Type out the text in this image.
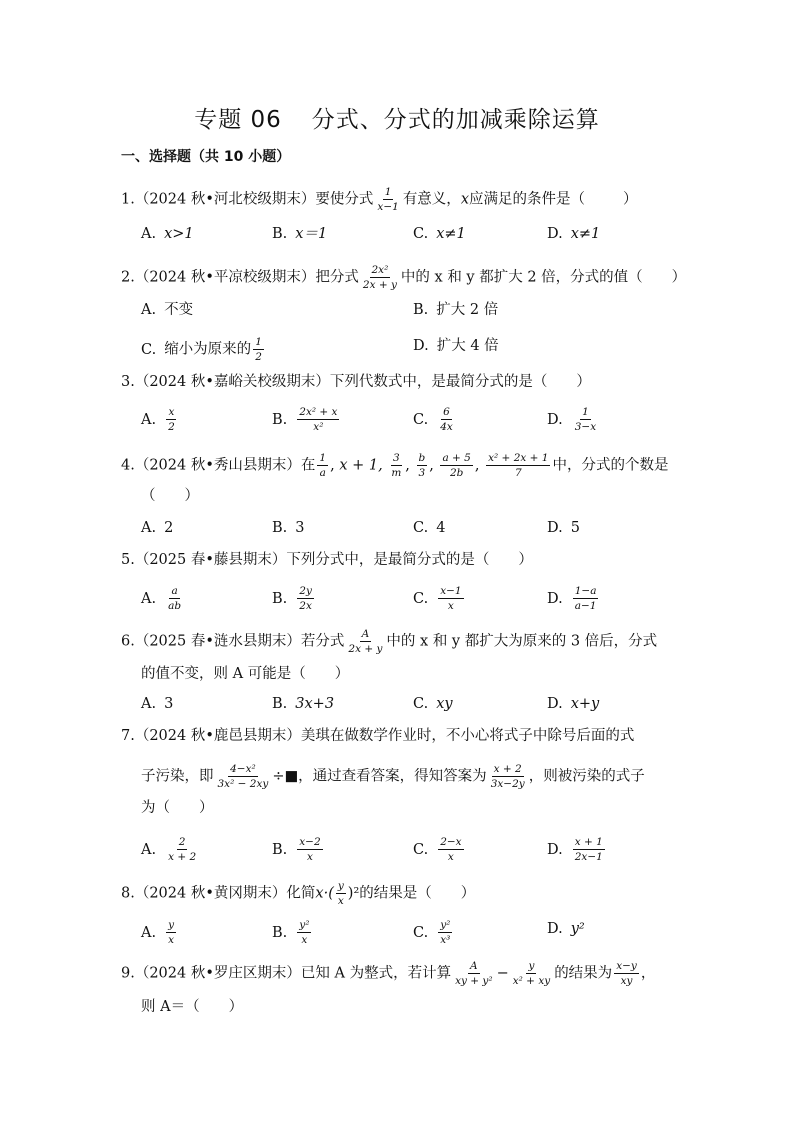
专题 06 分式、分式的加减乘除运算
一、选择题（共 10 小题）
1.（2024 秋•河北校级期末）要使分式 $\frac{1}{x-1}$ 有意义，x应满足的条件是（	）
A. x>1	B. x＝1	C. x≠1	D. x≠1
2.（2024 秋•平凉校级期末）把分式 $\frac{\text{2x²}}{2x + y}$ 中的 x 和 y 都扩大 2 倍，分式的值（　　）
A. 不变	B. 扩大 2 倍
C. 缩小为原来的 $\frac{1}{2}$	D. 扩大 4 倍
3.（2024 秋•嘉峪关校级期末）下列代数式中，是最简分式的是（　　）
A. $\frac{x}{2}$	B. $\frac{\text{2x² + x}}{\text{x²}}$	C. $\frac{6}{4x}$	D. $\frac{1}{3-x}$
4.（2024 秋•秀山县期末）在 $\frac{1}{a}$ , x + 1, $\frac{3}{m}$ , $\frac{b}{3}$ , $\frac{a + 5}{2b}$ , $\frac{\text{x² + 2x + 1}}{7}$ 中，分式的个数是
（　　）
A. 2	B. 3	C. 4	D. 5
5.（2025 春•藤县期末）下列分式中，是最简分式的是（　　）
A. $\frac{a}{ab}$	B. $\frac{2y}{2x}$	C. $\frac{x-1}{x}$	D. $\frac{1-a}{a-1}$
6.（2025 春•涟水县期末）若分式 $\frac{A}{2x + y}$ 中的 x 和 y 都扩大为原来的 3 倍后，分式
的值不变，则 A 可能是（　　）
A. 3	B. 3x+3	C. xy	D. x+y
7.（2024 秋•鹿邑县期末）美琪在做数学作业时，不小心将式子中除号后面的式
子污染，即 $\frac{\text{4−x²}}{\text{3x² − 2xy}}$ ÷■，通过查看答案，得知答案为 $\frac{x + 2}{3x-2y}$ ，则被污染的式子
为（　　）
A. $\frac{2}{x + 2}$	B. $\frac{x-2}{x}$	C. $\frac{2-x}{x}$	D. $\frac{x + 1}{2x-1}$
8.（2024 秋•黄冈期末）化简$x\cdot( \frac{y}{x} )^2$的结果是（　　）
A. $\frac{y}{x}$	B. $\frac{\text{y²}}{x}$	C. $\frac{\text{y²}}{\text{x³}}$	D. y²
9.（2024 秋•罗庄区期末）已知 A 为整式，若计算 $\frac{A}{\text{xy + y²}} - \frac{y}{\text{x² + xy}}$ 的结果为 $\frac{x-y}{xy}$ ，
则 A＝（　　）
